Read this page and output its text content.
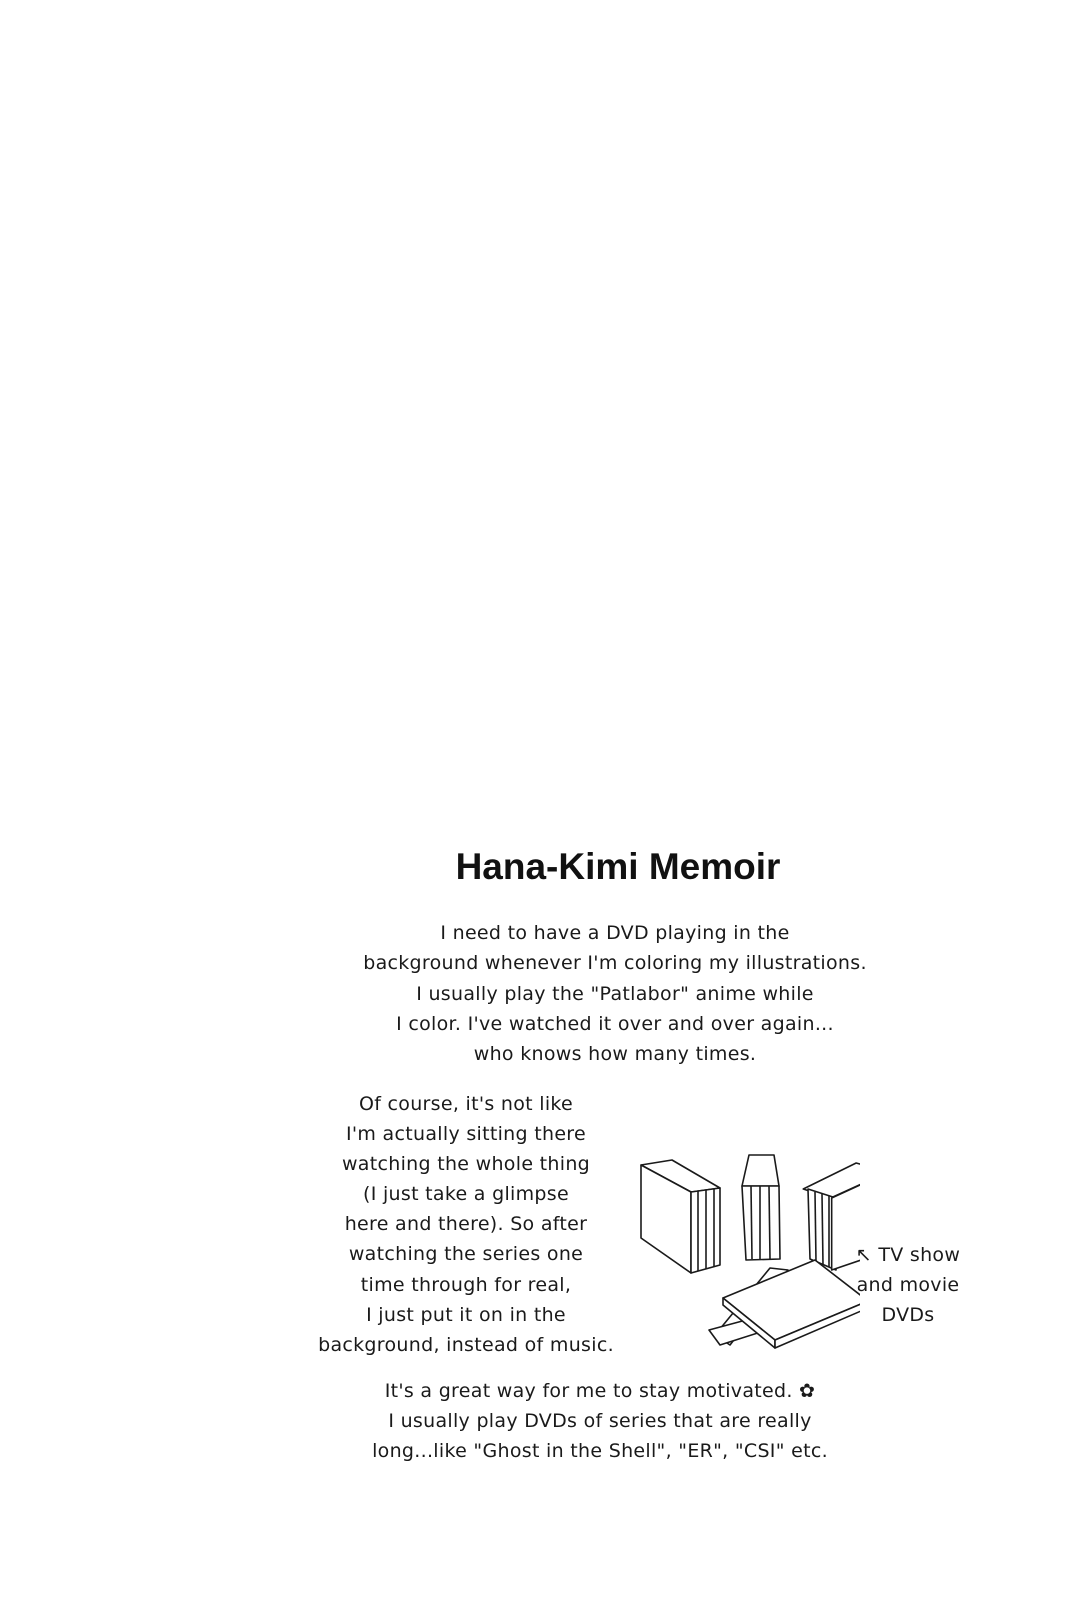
Hana-Kimi Memoir
I need to have a DVD playing in the
background whenever I'm coloring my illustrations.
I usually play the "Patlabor" anime while
I color. I've watched it over and over again...
who knows how many times.
Of course, it's not like
I'm actually sitting there
watching the whole thing
(I just take a glimpse
here and there). So after
watching the series one
time through for real,
I just put it on in the
background, instead of music.
↖ TV show
and movie
DVDs
It's a great way for me to stay motivated. ✿
I usually play DVDs of series that are really
long...like "Ghost in the Shell", "ER", "CSI" etc.
